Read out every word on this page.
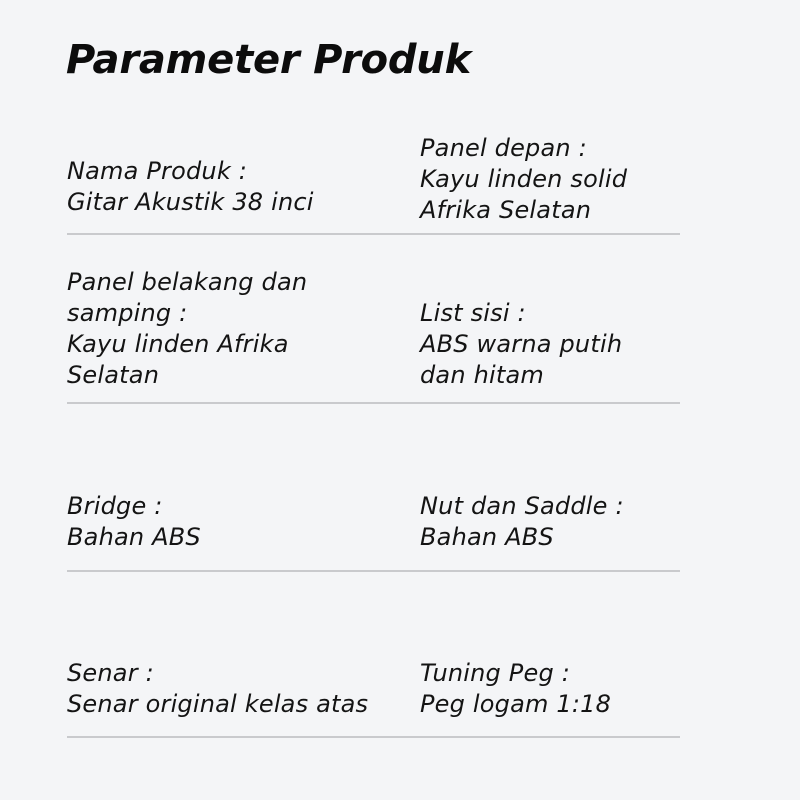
Parameter Produk
Nama Produk :
Gitar Akustik 38 inci
Panel depan :
Kayu linden solid Afrika Selatan
Panel belakang dan samping :
Kayu linden Afrika Selatan
List sisi :
ABS warna putih dan hitam
Bridge :
Bahan ABS
Nut dan Saddle :
Bahan ABS
Senar :
Senar original kelas atas
Tuning Peg :
Peg logam 1:18
